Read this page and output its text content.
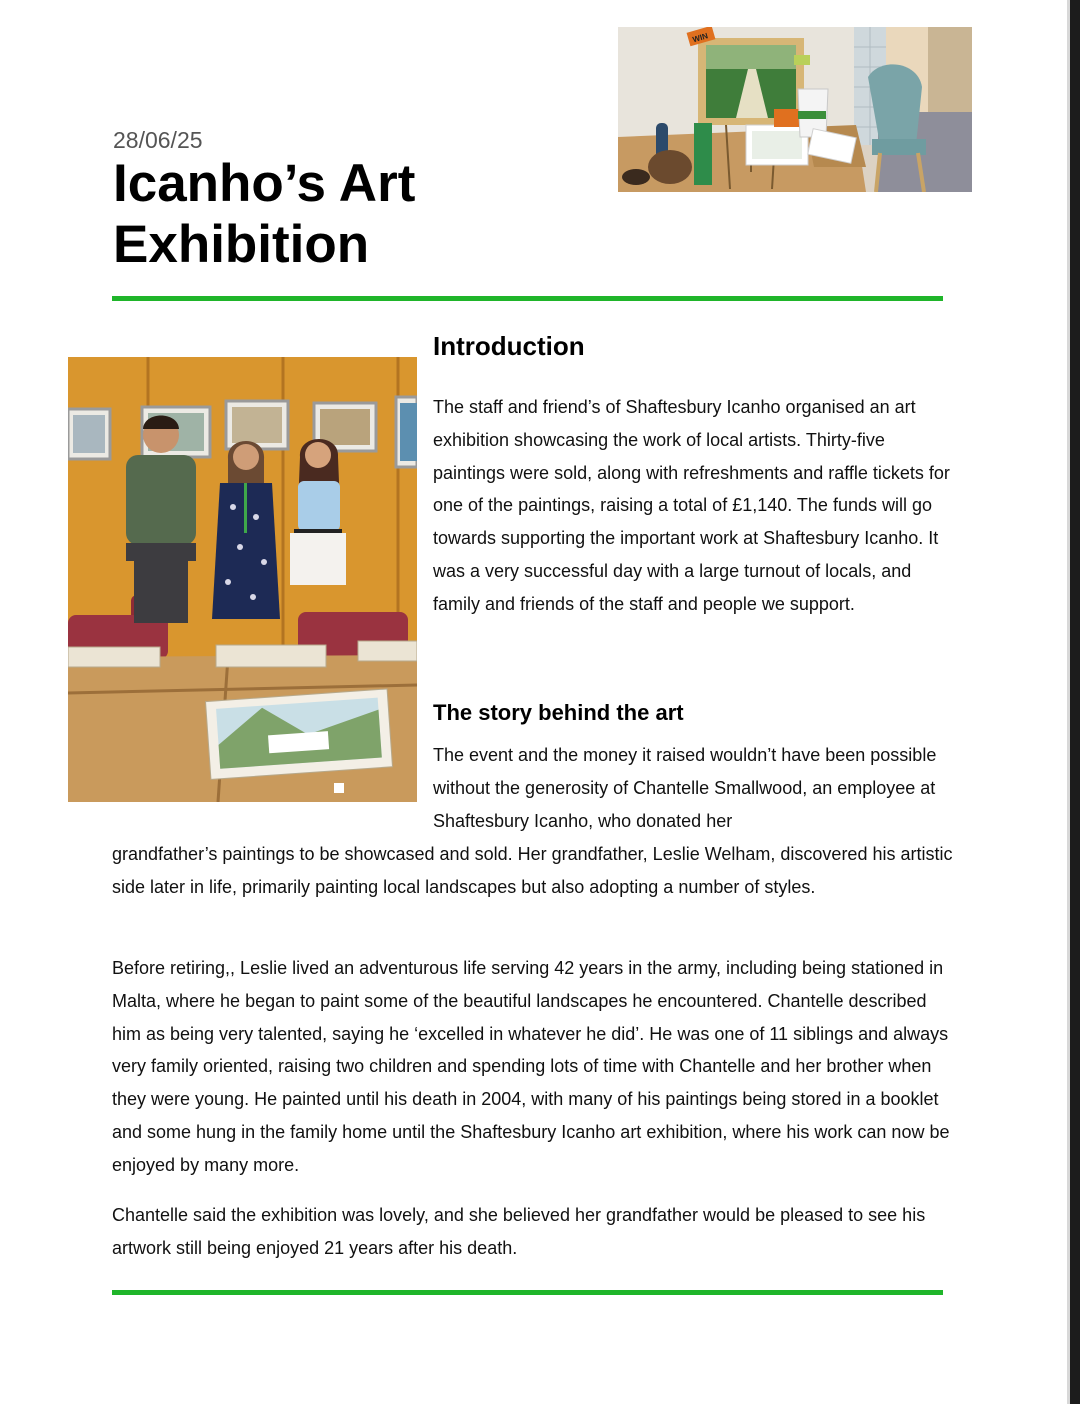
28/06/25
Icanho’s Art Exhibition
WIN
Introduction

The staff and friend’s of Shaftesbury Icanho organised an art exhibition showcasing the work of local artists. Thirty-five paintings were sold, along with refreshments and raffle tickets for one of the paintings, raising a total of £1,140. The funds will go towards supporting the important work at Shaftesbury Icanho. It was a very successful day with a large turnout of locals, and family and friends of the staff and people we support.

The story behind the art

The event and the money it raised wouldn’t have been possible without the generosity of Chantelle Smallwood, an employee at Shaftesbury Icanho, who donated her

grandfather’s paintings to be showcased and sold. Her grandfather, Leslie Welham, discovered his artistic side later in life, primarily painting local landscapes but also adopting a number of styles.

Before retiring,, Leslie lived an adventurous life serving 42 years in the army, including being stationed in Malta, where he began to paint some of the beautiful landscapes he encountered. Chantelle described him as being very talented, saying he ‘excelled in whatever he did’. He was one of 11 siblings and always very family oriented, raising two children and spending lots of time with Chantelle and her brother when they were young. He painted until his death in 2004, with many of his paintings being stored in a booklet and some hung in the family home until the Shaftesbury Icanho art exhibition, where his work can now be enjoyed by many more.

Chantelle said the exhibition was lovely, and she believed her grandfather would be pleased to see his artwork still being enjoyed 21 years after his death.
